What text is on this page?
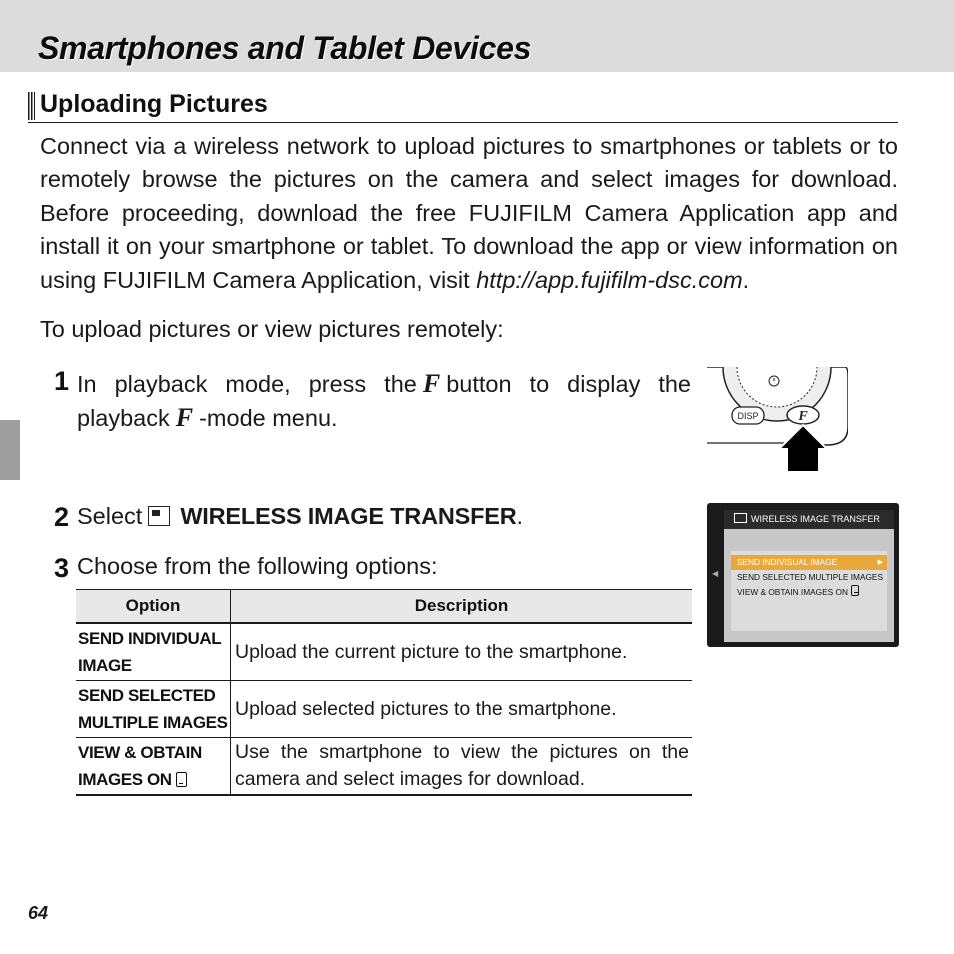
Smartphones and Tablet Devices
Uploading Pictures
Connect via a wireless network to upload pictures to smartphones or tablets or to remotely browse the pictures on the camera and select images for download. Before proceeding, download the free FUJIFILM Camera Application app and install it on your smartphone or tablet. To download the app or view information on using FUJIFILM Camera Application, visit http://app.fujifilm-dsc.com.
To upload pictures or view pictures remotely:
1 In playback mode, press the F button to display the playback F -mode menu.	DISP	F
2 Select WIRELESS IMAGE TRANSFER.
3 Choose from the following options:	◀
WIRELESS IMAGE TRANSFER
SEND INDIVISUAL IMAGE ▶
SEND SELECTED MULTIPLE IMAGES
VIEW & OBTAIN IMAGES ON
Option	Description
SEND INDIVIDUAL IMAGE	Upload the current picture to the smartphone.
SEND SELECTED MULTIPLE IMAGES	Upload selected pictures to the smartphone.
VIEW & OBTAIN IMAGES ON	Use the smartphone to view the pictures on the camera and select images for download.
64
